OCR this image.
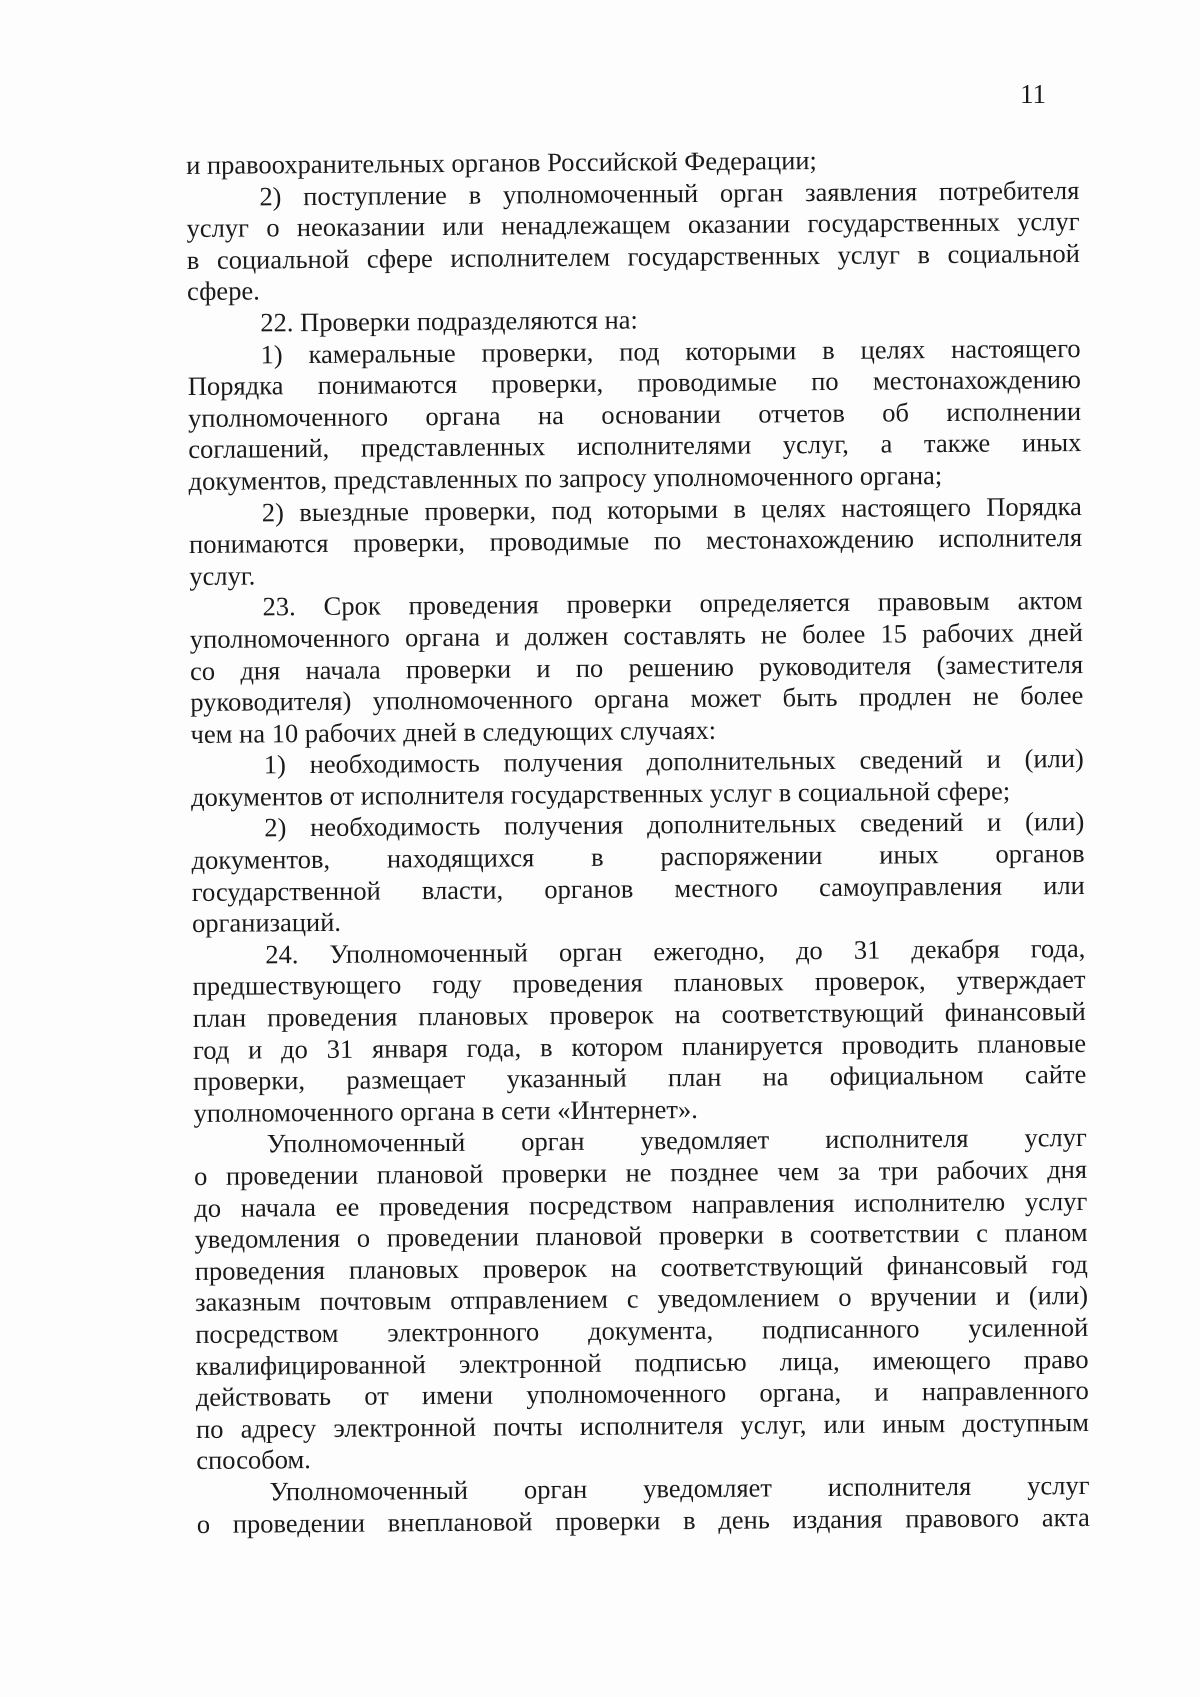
11
и правоохранительных органов Российской Федерации;
2) поступление в уполномоченный орган заявления потребителя
услуг о неоказании или ненадлежащем оказании государственных услуг
в социальной сфере исполнителем государственных услуг в социальной
сфере.
22. Проверки подразделяются на:
1) камеральные проверки, под которыми в целях настоящего
Порядка понимаются проверки, проводимые по местонахождению
уполномоченного органа на основании отчетов об исполнении
соглашений, представленных исполнителями услуг, а также иных
документов, представленных по запросу уполномоченного органа;
2) выездные проверки, под которыми в целях настоящего Порядка
понимаются проверки, проводимые по местонахождению исполнителя
услуг.
23. Срок проведения проверки определяется правовым актом
уполномоченного органа и должен составлять не более 15 рабочих дней
со дня начала проверки и по решению руководителя (заместителя
руководителя) уполномоченного органа может быть продлен не более
чем на 10 рабочих дней в следующих случаях:
1) необходимость получения дополнительных сведений и (или)
документов от исполнителя государственных услуг в социальной сфере;
2) необходимость получения дополнительных сведений и (или)
документов, находящихся в распоряжении иных органов
государственной власти, органов местного самоуправления или
организаций.
24. Уполномоченный орган ежегодно, до 31 декабря года,
предшествующего году проведения плановых проверок, утверждает
план проведения плановых проверок на соответствующий финансовый
год и до 31 января года, в котором планируется проводить плановые
проверки, размещает указанный план на официальном сайте
уполномоченного органа в сети «Интернет».
Уполномоченный орган уведомляет исполнителя услуг
о проведении плановой проверки не позднее чем за три рабочих дня
до начала ее проведения посредством направления исполнителю услуг
уведомления о проведении плановой проверки в соответствии с планом
проведения плановых проверок на соответствующий финансовый год
заказным почтовым отправлением с уведомлением о вручении и (или)
посредством электронного документа, подписанного усиленной
квалифицированной электронной подписью лица, имеющего право
действовать от имени уполномоченного органа, и направленного
по адресу электронной почты исполнителя услуг, или иным доступным
способом.
Уполномоченный орган уведомляет исполнителя услуг
о проведении внеплановой проверки в день издания правового акта
